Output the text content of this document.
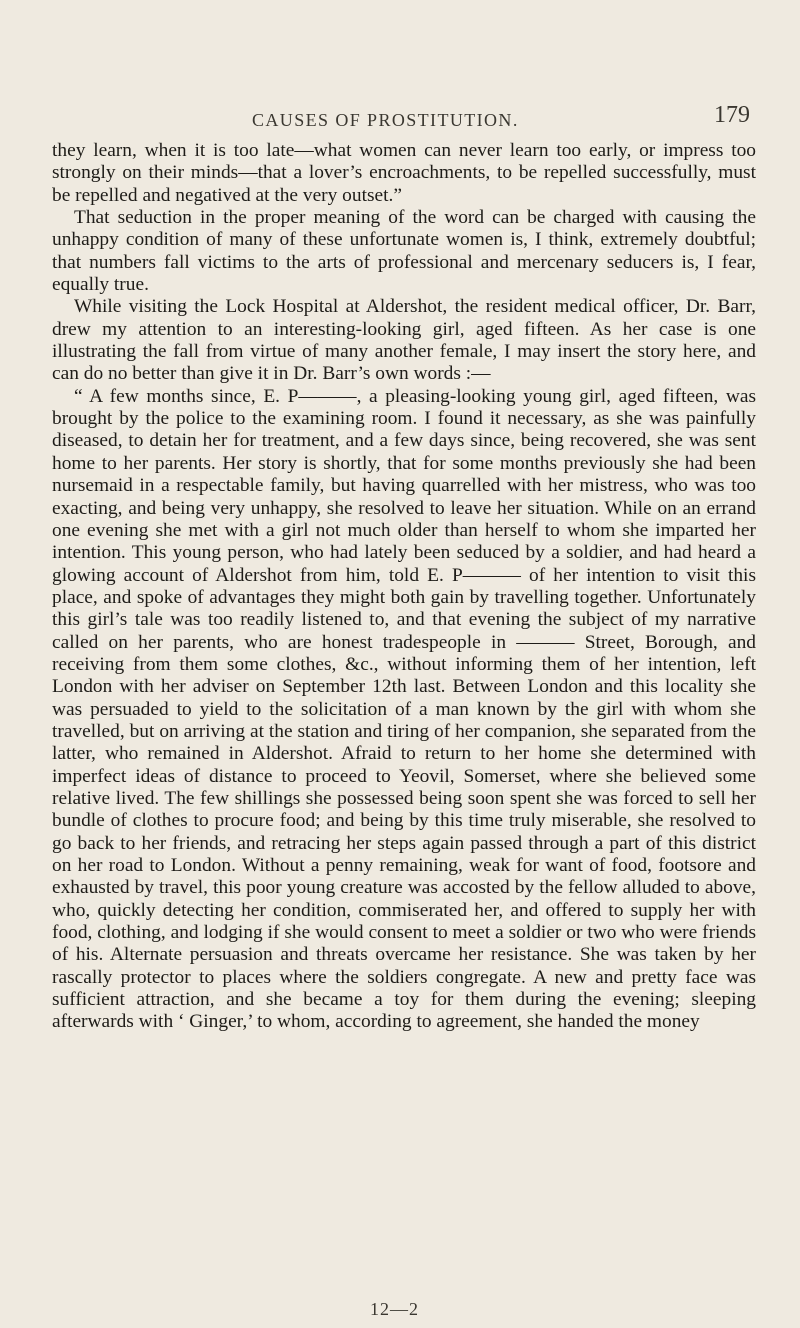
CAUSES OF PROSTITUTION.	179

they learn, when it is too late—what women can never learn too early, or impress too strongly on their minds—that a lover’s encroachments, to be repelled successfully, must be repelled and negatived at the very outset.”

That seduction in the proper meaning of the word can be charged with causing the unhappy condition of many of these unfortunate women is, I think, extremely doubtful; that numbers fall victims to the arts of professional and mercenary seducers is, I fear, equally true.

While visiting the Lock Hospital at Aldershot, the resident medical officer, Dr. Barr, drew my attention to an interesting-looking girl, aged fifteen. As her case is one illustrating the fall from virtue of many another female, I may insert the story here, and can do no better than give it in Dr. Barr’s own words :—

“ A few months since, E. P———, a pleasing-looking young girl, aged fifteen, was brought by the police to the examining room. I found it necessary, as she was painfully diseased, to detain her for treatment, and a few days since, being recovered, she was sent home to her parents. Her story is shortly, that for some months previously she had been nursemaid in a respectable family, but having quarrelled with her mistress, who was too exacting, and being very unhappy, she resolved to leave her situation. While on an errand one evening she met with a girl not much older than herself to whom she imparted her intention. This young person, who had lately been seduced by a soldier, and had heard a glowing account of Aldershot from him, told E. P——— of her intention to visit this place, and spoke of advantages they might both gain by travelling together. Unfortunately this girl’s tale was too readily listened to, and that evening the subject of my narrative called on her parents, who are honest tradespeople in ——— Street, Borough, and receiving from them some clothes, &c., without informing them of her intention, left London with her adviser on September 12th last. Between London and this locality she was persuaded to yield to the solicitation of a man known by the girl with whom she travelled, but on arriving at the station and tiring of her companion, she separated from the latter, who remained in Aldershot. Afraid to return to her home she determined with imperfect ideas of distance to proceed to Yeovil, Somerset, where she believed some relative lived. The few shillings she possessed being soon spent she was forced to sell her bundle of clothes to procure food; and being by this time truly miserable, she resolved to go back to her friends, and retracing her steps again passed through a part of this district on her road to London. Without a penny remaining, weak for want of food, footsore and exhausted by travel, this poor young creature was accosted by the fellow alluded to above, who, quickly detecting her condition, commiserated her, and offered to supply her with food, clothing, and lodging if she would consent to meet a soldier or two who were friends of his. Alternate persuasion and threats overcame her resistance. She was taken by her rascally protector to places where the soldiers congregate. A new and pretty face was sufficient attraction, and she became a toy for them during the evening; sleeping afterwards with ‘ Ginger,’ to whom, according to agreement, she handed the money

12—2
